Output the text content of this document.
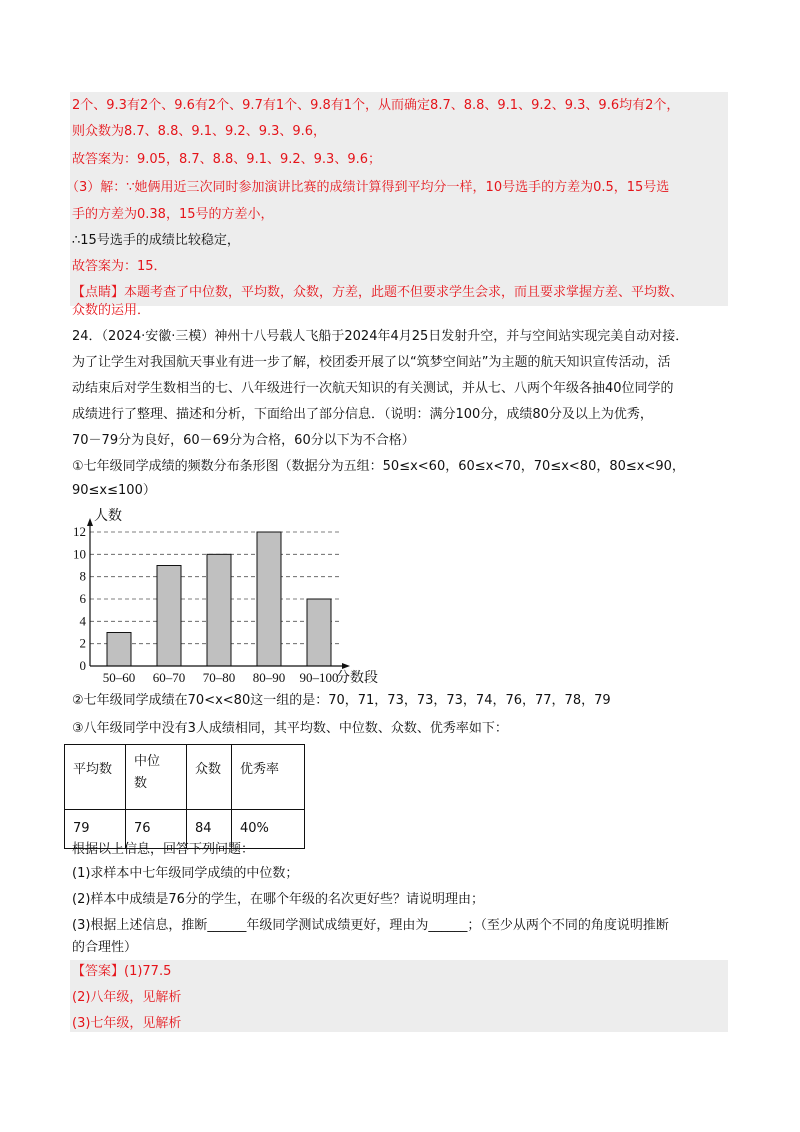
2个、9.3有2个、9.6有2个、9.7有1个、9.8有1个，从而确定8.7、8.8、9.1、9.2、9.3、9.6均有2个，
则众数为8.7、8.8、9.1、9.2、9.3、9.6，
故答案为：9.05，8.7、8.8、9.1、9.2、9.3、9.6；
（3）解：∵她俩用近三次同时参加演讲比赛的成绩计算得到平均分一样，10号选手的方差为0.5，15号选
手的方差为0.38，15号的方差小，
∴15号选手的成绩比较稳定，
故答案为：15．
【点睛】本题考查了中位数，平均数，众数，方差，此题不但要求学生会求，而且要求掌握方差、平均数、
众数的运用．
24．（2024·安徽·三模）神州十八号载人飞船于2024年4月25日发射升空，并与空间站实现完美自动对接．
为了让学生对我国航天事业有进一步了解，校团委开展了以“筑梦空间站”为主题的航天知识宣传活动，活
动结束后对学生数相当的七、八年级进行一次航天知识的有关测试，并从七、八两个年级各抽40位同学的
成绩进行了整理、描述和分析，下面给出了部分信息．（说明：满分100分，成绩80分及以上为优秀，
70－79分为良好，60－69分为合格，60分以下为不合格）
①七年级同学成绩的频数分布条形图（数据分为五组：50≤x<60，60≤x<70，70≤x<80，80≤x<90，
90≤x≤100）
0
2
4
6
8
10
12
50–60 60–70 70–80 80–90 90–100
人数
分数段
②七年级同学成绩在70<x<80这一组的是：70，71，73，73，73，74，76，77，78，79
③八年级同学中没有3人成绩相同，其平均数、中位数、众数、优秀率如下：
平均数	中位
数	众数	优秀率
79	76	84	40%
根据以上信息，回答下列问题：
(1)求样本中七年级同学成绩的中位数；
(2)样本中成绩是76分的学生，在哪个年级的名次更好些？请说明理由；
(3)根据上述信息，推断______年级同学测试成绩更好，理由为______；（至少从两个不同的角度说明推断
的合理性）
【答案】(1)77.5
(2)八年级，见解析
(3)七年级，见解析
